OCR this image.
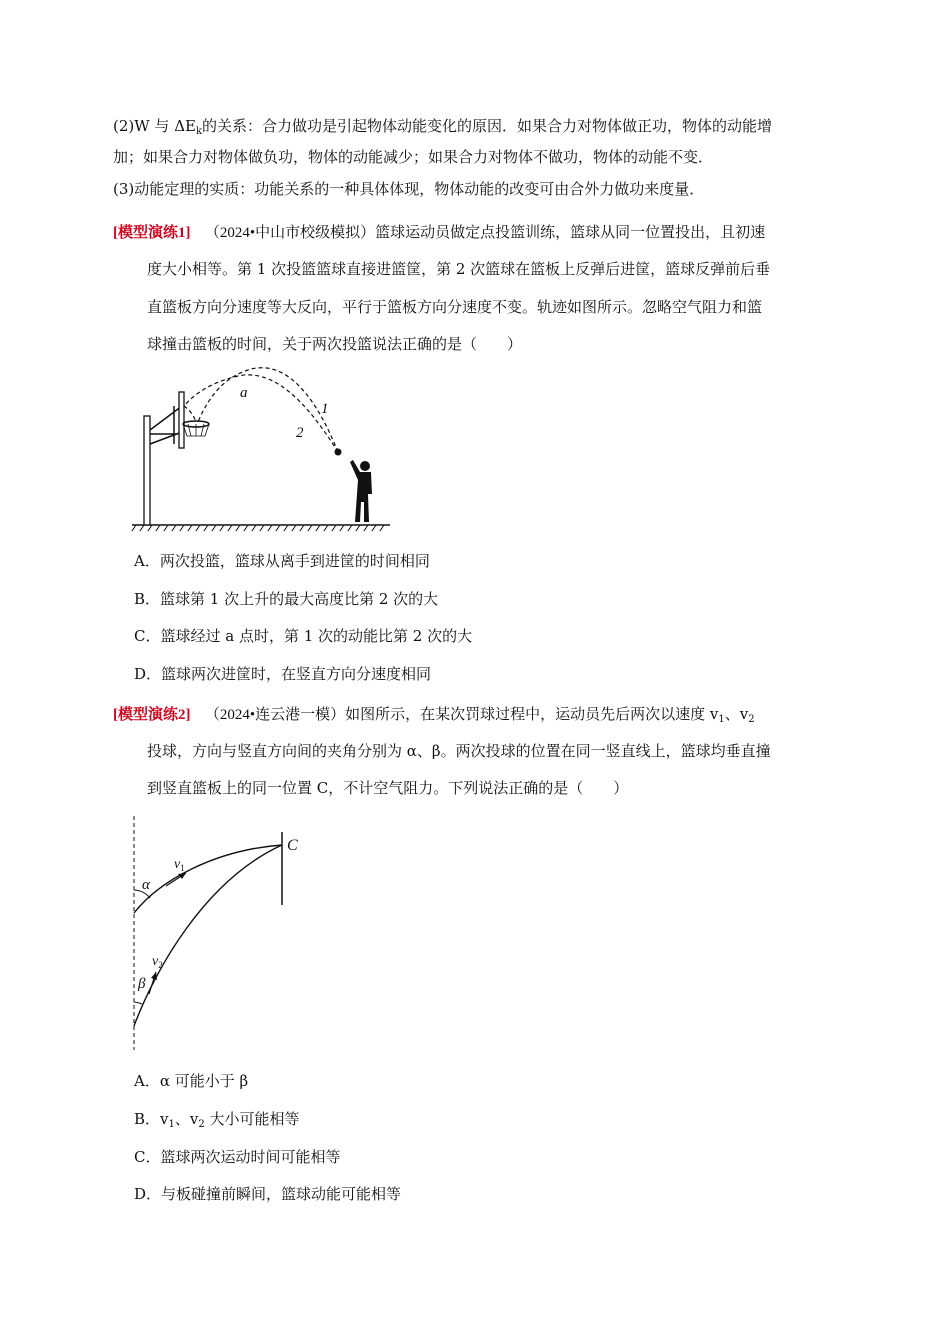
(2)W 与 $\Delta E_k$的关系：合力做功是引起物体动能变化的原因．如果合力对物体做正功，物体的动能增
加；如果合力对物体做负功，物体的动能减少；如果合力对物体不做功，物体的动能不变．
(3)动能定理的实质：功能关系的一种具体体现，物体动能的改变可由合外力做功来度量．
[模型演练1] （2024•中山市校级模拟）篮球运动员做定点投篮训练，篮球从同一位置投出，且初速
度大小相等。第 1 次投篮篮球直接进篮筐，第 2 次篮球在篮板上反弹后进筐，篮球反弹前后垂
直篮板方向分速度等大反向，平行于篮板方向分速度不变。轨迹如图所示。忽略空气阻力和篮
球撞击篮板的时间，关于两次投篮说法正确的是（　　）
a
1
2
A．两次投篮，篮球从离手到进筐的时间相同
B．篮球第 1 次上升的最大高度比第 2 次的大
C．篮球经过 a 点时，第 1 次的动能比第 2 次的大
D．篮球两次进筐时，在竖直方向分速度相同
[模型演练2] （2024•连云港一模）如图所示，在某次罚球过程中，运动员先后两次以速度 $v_1$、$v_2$
投球，方向与竖直方向间的夹角分别为 α、β。两次投球的位置在同一竖直线上，篮球均垂直撞
到竖直篮板上的同一位置 C，不计空气阻力。下列说法正确的是（　　）
α
β
$v_1$
$v_2$
C
A．α 可能小于 β
B．$v_1$、$v_2$ 大小可能相等
C．篮球两次运动时间可能相等
D．与板碰撞前瞬间，篮球动能可能相等
